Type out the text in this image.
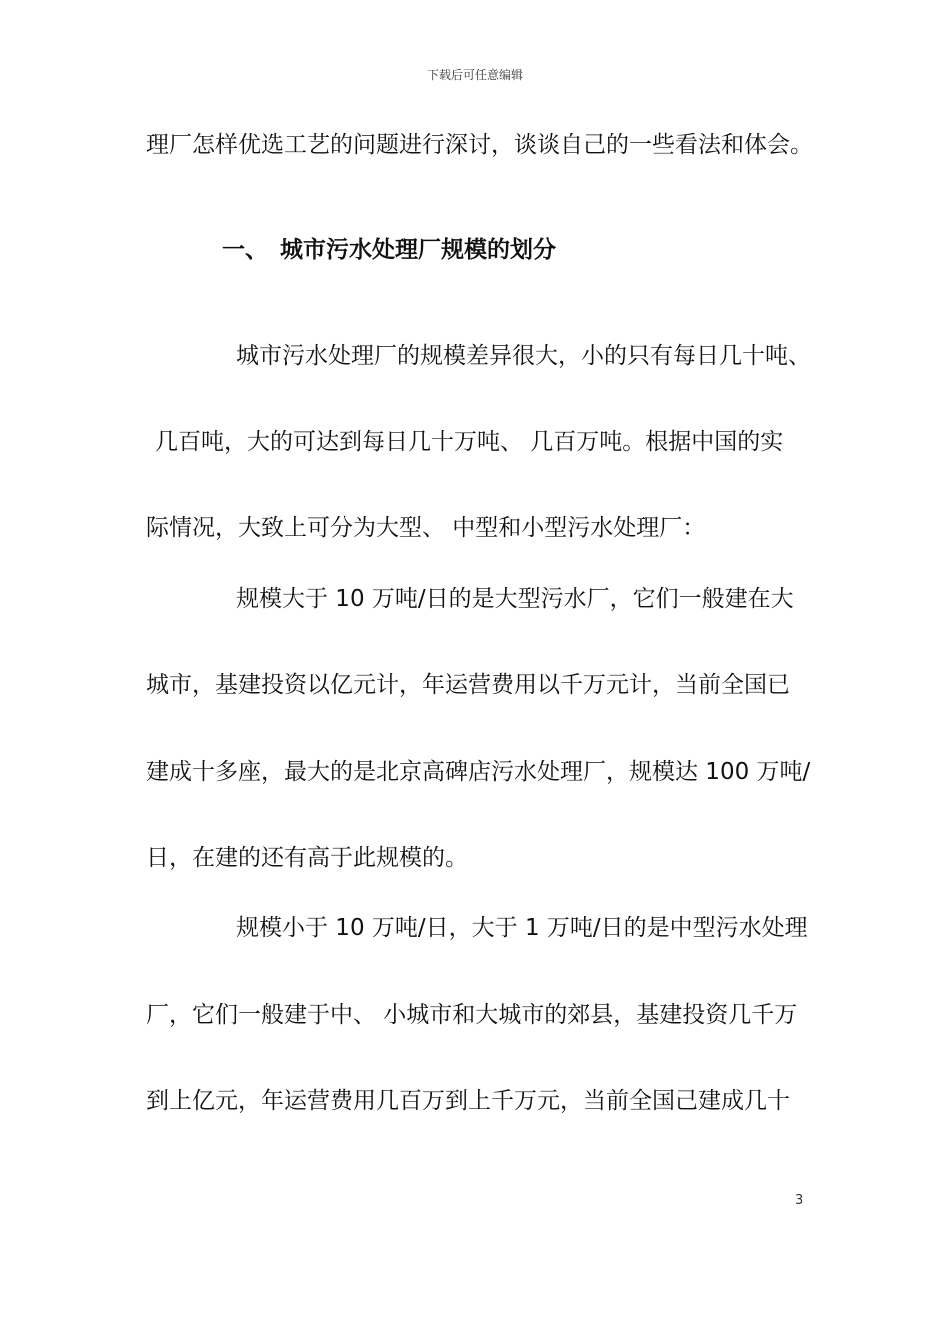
下载后可任意编辑
理厂怎样优选工艺的问题进行深讨，谈谈自己的一些看法和体会。
一、 城市污水处理厂规模的划分
城市污水处理厂的规模差异很大，小的只有每日几十吨、
几百吨，大的可达到每日几十万吨、 几百万吨。根据中国的实
际情况，大致上可分为大型、 中型和小型污水处理厂：
规模大于 10 万吨/日的是大型污水厂，它们一般建在大
城市，基建投资以亿元计，年运营费用以千万元计，当前全国已
建成十多座，最大的是北京高碑店污水处理厂，规模达 100 万吨/
日，在建的还有高于此规模的。
规模小于 10 万吨/日，大于 1 万吨/日的是中型污水处理
厂，它们一般建于中、 小城市和大城市的郊县，基建投资几千万
到上亿元，年运营费用几百万到上千万元，当前全国己建成几十
3
